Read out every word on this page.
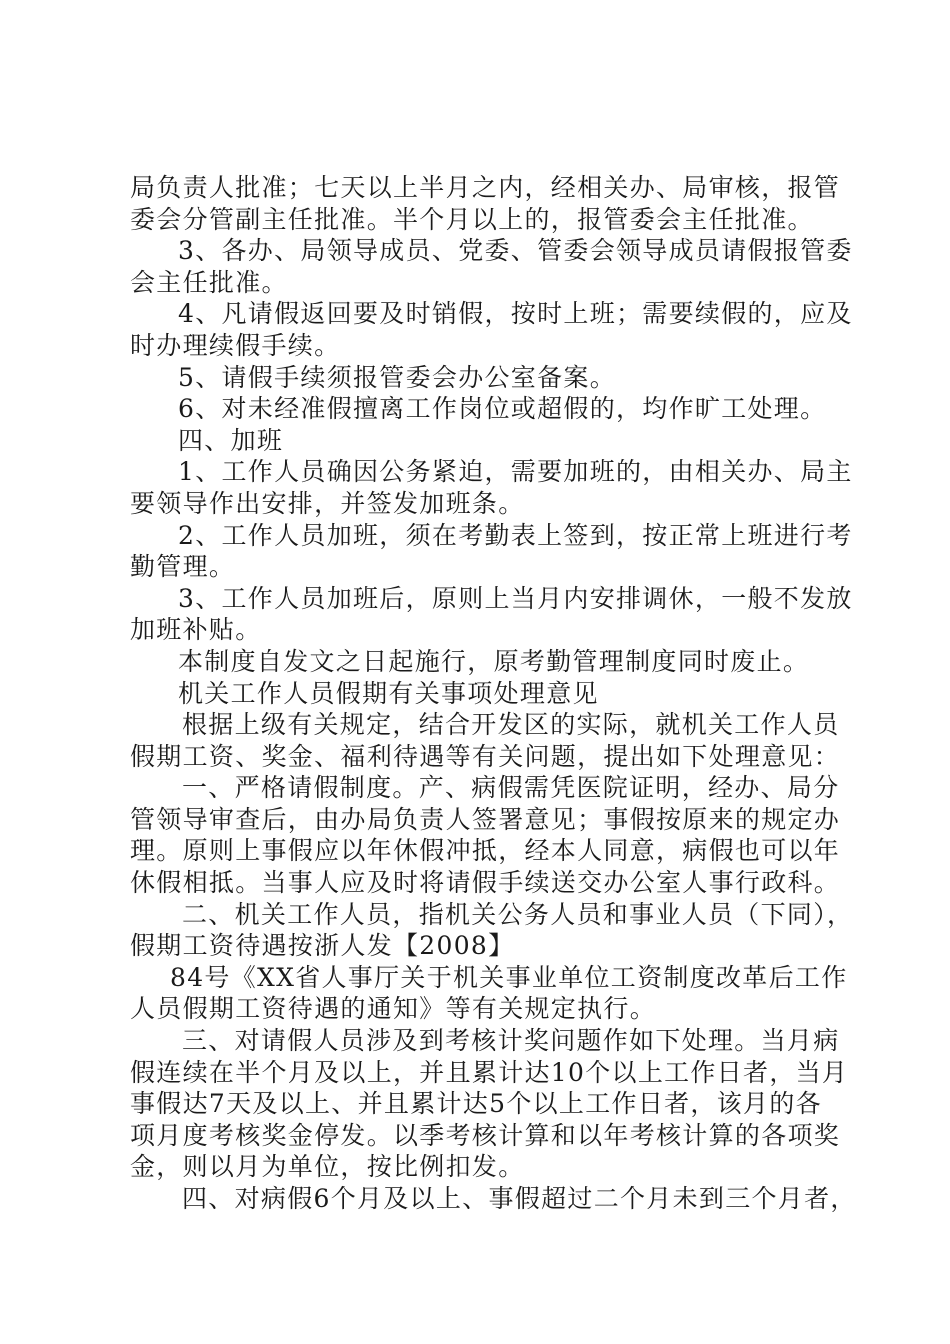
局负责人批准；七天以上半月之内，经相关办、局审核，报管
委会分管副主任批准。半个月以上的，报管委会主任批准。
3、各办、局领导成员、党委、管委会领导成员请假报管委
会主任批准。
4、凡请假返回要及时销假，按时上班；需要续假的，应及
时办理续假手续。
5、请假手续须报管委会办公室备案。
6、对未经准假擅离工作岗位或超假的，均作旷工处理。
四、加班
1、工作人员确因公务紧迫，需要加班的，由相关办、局主
要领导作出安排，并签发加班条。
2、工作人员加班，须在考勤表上签到，按正常上班进行考
勤管理。
3、工作人员加班后，原则上当月内安排调休，一般不发放
加班补贴。
本制度自发文之日起施行，原考勤管理制度同时废止。
机关工作人员假期有关事项处理意见
根据上级有关规定，结合开发区的实际，就机关工作人员
假期工资、奖金、福利待遇等有关问题，提出如下处理意见：
一、严格请假制度。产、病假需凭医院证明，经办、局分
管领导审查后，由办局负责人签署意见；事假按原来的规定办
理。原则上事假应以年休假冲抵，经本人同意，病假也可以年
休假相抵。当事人应及时将请假手续送交办公室人事行政科。
二、机关工作人员，指机关公务人员和事业人员（下同），
假期工资待遇按浙人发【2008】
84号《XX省人事厅关于机关事业单位工资制度改革后工作
人员假期工资待遇的通知》等有关规定执行。
三、对请假人员涉及到考核计奖问题作如下处理。当月病
假连续在半个月及以上，并且累计达10个以上工作日者，当月
事假达7天及以上、并且累计达5个以上工作日者，该月的各
项月度考核奖金停发。以季考核计算和以年考核计算的各项奖
金，则以月为单位，按比例扣发。
四、对病假6个月及以上、事假超过二个月未到三个月者，
